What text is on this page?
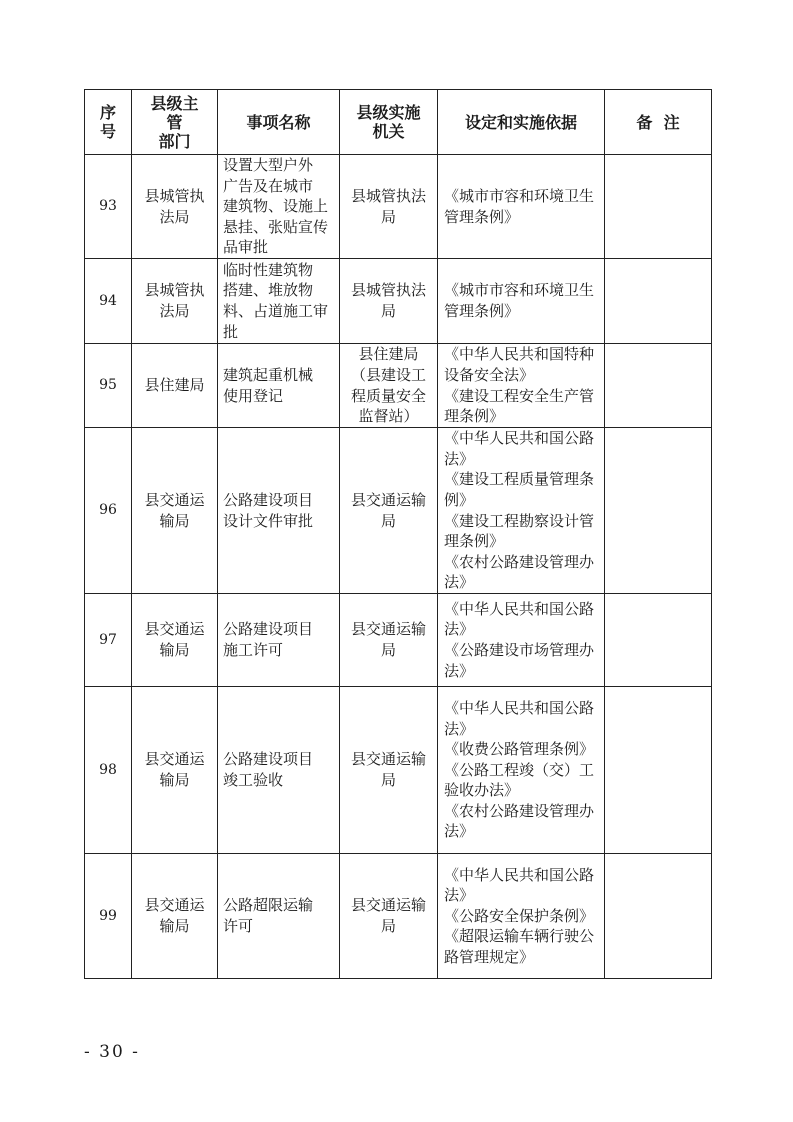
序
号	县级主
管
部门	事项名称	县级实施
机关	设定和实施依据	备  注
93	县城管执
法局	设置大型户外
广告及在城市
建筑物、设施上
悬挂、张贴宣传
品审批	县城管执法
局	《城市市容和环境卫生管理条例》	

94	县城管执
法局	临时性建筑物
搭建、堆放物
料、占道施工审
批	县城管执法
局	《城市市容和环境卫生管理条例》	

95	县住建局	建筑起重机械
使用登记	县住建局
（县建设工
程质量安全
监督站）	《中华人民共和国特种设备安全法》
《建设工程安全生产管理条例》	

96	县交通运
输局	公路建设项目
设计文件审批	县交通运输
局	《中华人民共和国公路法》
《建设工程质量管理条例》
《建设工程勘察设计管理条例》
《农村公路建设管理办法》	

97	县交通运
输局	公路建设项目
施工许可	县交通运输
局	《中华人民共和国公路法》
《公路建设市场管理办法》	

98	县交通运
输局	公路建设项目
竣工验收	县交通运输
局	《中华人民共和国公路法》
《收费公路管理条例》
《公路工程竣（交）工验收办法》
《农村公路建设管理办法》	

99	县交通运
输局	公路超限运输
许可	县交通运输
局	《中华人民共和国公路法》
《公路安全保护条例》
《超限运输车辆行驶公路管理规定》	

- 30 -
